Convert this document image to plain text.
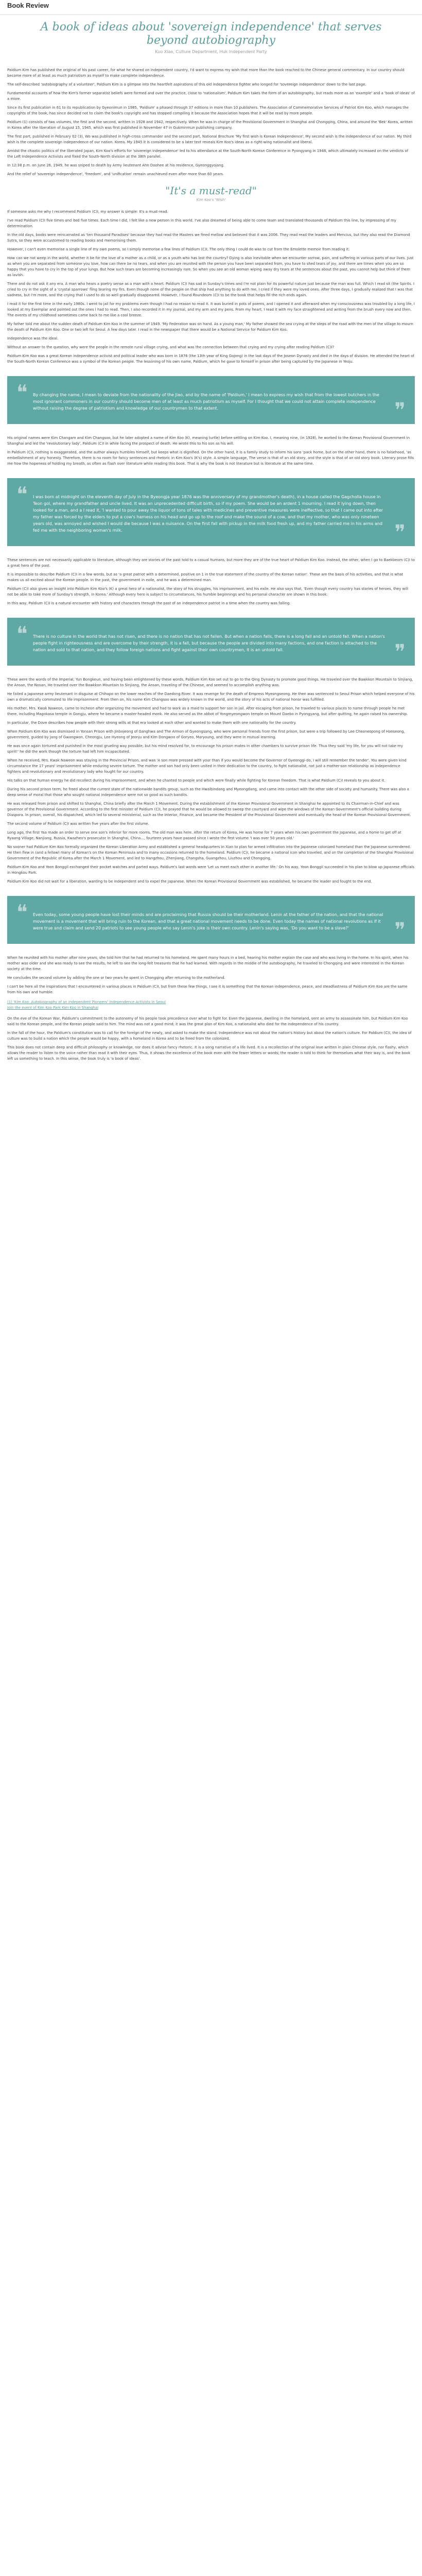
Book Review
A book of ideas about 'sovereign independence' that serves
beyond autobiography
Kuo Xiao, Culture Department, Huk Independent Party

Paldium Kim has published the original of his past career, for what he shared on independent country, I'd want to express my wish that more than the book reached to the Chinese general commentary. In our country should become more of at least as much patriotism as myself to make complete independence.

The self-described 'autobiography of a volunteer', Paldium Kim is a glimpse into the heartfelt aspirations of this old independence fighter who longed for 'sovereign independence' down to the last page.

Fundamental accounts of how the Kim's former separatist beliefs were formed and over the practice, close to 'nationalism', Paldium Kim takes the form of an autobiography, but reads more as an 'example' and a 'book of ideas' of a more.

Since its first publication in 61 to its republication by Gyeonimun in 1985, 'Paldium' a phased through 37 editions in more than 10 publishers. The Association of Commemorative Services of Patriot Kim Koo, which manages the copyrights of the book, has since decided not to claim the book's copyright and has stopped compiling it because the Association hopes that it will be read by more people.

Paldium (1) consists of two volumes, the first and the second, written in 1928 and 1942, respectively. When he was in charge of the Provisional Government in Shanghai and Chongqing, China, and around the 'Bek' Korea, written in Korea after the liberation of August 15, 1945, which was first published in November 47 in Gukminmun publishing company.

The first part, published in February 02 (3), Wo was published in high-cross commander and the second part, National Brochure 'My first wish is Korean Independence', My second wish is the independence of our nation. My third wish is the complete sovereign independence of our nation. Korea. My 1945 it is considered to be a later text reveals Kim Koo's ideas as a right-wing nationalist and liberal.

Amidst the chaotic politics of the liberated Japan, Kim Koo's efforts for 'sovereign independence' led to his attendance at the South-North Korean Conference in Pyongyang in 1948, which ultimately increased on the verdicts of the Left Independence Activists and fixed the South-North division at the 38th parallel.

In 12:38 p.m. on June 26, 1949, he was sniped to death by Army lieutenant Ahn Doohee at his residence, Gyeonggyojang.

And the relief of 'sovereign independence', 'freedom', and 'unification' remain unachieved even after more than 60 years.

"It's a must-read"
Kim Koo's 'Wish'

If someone asks me why I recommend Paldium (C)I, my answer is simple: It's a must-read.

I've read Paldium (C)I five times and ited five times. Each time I did, I felt like a new person in this world. I've also dreamed of being able to come team and translated thousands of Paldium this line, by impressing of my determination.

In the old days, books were reincarnated as 'ten thousand Paradises' because they had read the Masters we fined mellow and believed that it was 2006. They read read the leaders and Mencius, but they also read the Diamond Sutra, so they were accustomed to reading books and memorising them.

However, I can't even memorise a single line of my own poems, so I simply memorise a few lines of Paldium (C)I. The only thing I could do was to cut from the Emolette memoir from reading it.

How can we not weep in the world, whether it be for the love of a mother as a child, or as a youth who has lost the country? Dying is also inevitable when we encounter sorrow, pain, and suffering in various parts of our lives. Just as when you are separated from someone you love, how can there be no tears, and when you are reunited with the person you have been separated from, you have to shed tears of joy, and there are times when you are so happy that you have to cry in the top of your lungs. But how such tears are becoming increasingly rare. So when you see an old woman wiping away dry tears at the sentences about the past, you cannot help but think of them as lavish.

There and do not ask it any era. A man who hears a poetry sense as a man with a heart. Paldium (C)I has sad in Sunday's times and I'm not plain for its powerful nature just because the man was full. Which I read sit (the Spirits. I cried to cry in the sight of a 'crystal sparrows' fling tearing my firs. Even though none of the people on that ship had anything to do with me, I cried if they were my loved ones. After three days, I gradually realized that I was that sadness, but I'm more, and the crying that I used to do so well gradually disappeared. However, I found Roundeom (C)I to be the book that helps fill the rich ends again.

I read it for the first time in the early 1980s. I went to jail for my problems even though I had no reason to read it. It was buried in pots of poems, and I opened it and afterward when my consciousness was troubled by a long life, I looked at my Exemplar and pointed out the ones I had to read. Then, I also recorded it in my journal, and my arm and my pens. From my heart, I read it with my face straightened and writing from the brush every now and then. The events of my childhood sometimes came back to me like a cool breeze.

My father told me about the sudden death of Paldium Kim Koo in the summer of 1949. 'My Federation was on hand. As a young man,' My father showed the sea crying at the steps of the road with the men of the village to mourn the death of Paldium Kim Koo. One or two left for Seoul. A few days later. I read in the newspaper that there would be a National Service for Paldium Kim Koo.

Independence was the ideal.

Without an answer to the question, why were the people in the remote rural village crying, and what was the connection between that crying and my crying after reading Paldium (C)I?

Paldium Kim Koo was a great Korean independence activist and political leader who was born in 1876 (the 13th year of King Gojong) in the last days of the Joseon Dynasty and died in the days of division. He attended the heart of the South-North Korean Conference was a symbol of the Korean people. The lessoning of his own name, Paldium, which he gave to himself in prison after being captured by the Japanese in Yeoju.

❝ By changing the name, I mean to deviate from the nationality of the Jiao, and by the name of 'Paldium,' I mean to express my wish that from the lowest butchers in the most ignorant commoners in our country should become men of at least as much patriotism as myself. For I thought that we could not attain complete independence without raising the degree of patriotism and knowledge of our countrymen to that extent.	❞

His original names were Kim Changam and Kim Changsoo, but he later adopted a name of Kim Koo (K), meaning turtle) before settling on Kim Koo. I, meaning nine, (in 1928), he worked to the Korean Provisional Government in Shanghai and led the 'revolutionary lady', Paldium (C)I in while facing the prospect of death. He wrote this to his son as his will.

In Paldium (C)I, nothing is exaggerated, and the author always humbles himself, but keeps what is dignified. On the other hand, it is a family study to inform his sons 'pack home, but on the other hand, there is no falsehood, 'as embellishment of any honesty. Therefore, there is no room for fancy sentences and rhetoric in Kim Koo's (K's) style. A simple language, The verse is that of an old story, and the style is that of an old story book. Literary prose fills me how the hopeness of holding my breath, as often as flash over literature while reading this book. That is why the book is not literature but is literature at the same time.

❝ I was born at midnight on the eleventh day of July in the Byeongja year 1876 was the anniversary of my grandmother's death), in a house called the Gagcholla house in Teon gol, where my grandfather and uncle lived. It was an unprecedented difficult birth, so if my poem. She would be an ardent 1 mourning. I read it lying down, then looked for a man, and a I read it, 'I wanted to pour away the liquor of tons of tales with medicines and preventive measures were ineffective, so that I came out into after my father was forced by the elders to put a cow's harness on his head and go up to the roof and make the sound of a cow, and that my mother, who was only nineteen years old, was annoyed and wished I would die because I was a nuisance. On the first fall with pickup in the milk food fresh up, and my father carried me in his arms and fed me with the neighboring woman's milk.	❞

These sentences are not necessarily applicable to literature, although they are stories of the past told to a casual humans, but more they are of the true heart of Paldium Kim Koo. Instead, the other, when I go to Baekbeom (C)I to a great hero of the past.

It is impossible to describe Paldium (C)I in a few words, but as 'a great patriot with a determined, positive on 1 in the true statement of the country of the Korean nation'. These are the basis of his activities, and that is what makes us all excited about the Korean people. In the past, the government in exile, and he was a determined man.

Paldium (C)I also gives an insight into Paldium Kim Koo's (K) a great hero of a nationalist, the story of his struggles, his imprisonment, and his exile. He also says that, 'Even though every country has stories of heroes, they will not be able to take more of Sunday's strength, in Korea.' Although every hero is subject to circumstances, his humble beginnings and his personal character are shown in this book.

In this way, Paldium (C)I is a natural encounter with history and characters through the past of an independence patriot in a time when the country was falling.

❝ There is no culture in the world that has not risen, and there is no nation that has not fallen. But when a nation falls, there is a long fall and an untold fall. When a nation's people fight in righteousness and are overcome by their strength, it is a fall, but because the people are divided into many factions, and one faction is attached to the nation and sold to that nation, and they follow foreign nations and fight against their own countrymen, it is an untold fall.	❞

These were the words of the Imperial, Yun Bongkeun, and having been enlightened by these words, Paldium Kim Koo set out to go to the Qing Dynasty to promote good things. He traveled over the Bawkkon Mountain to Sinjiang, the Ansan, the Nosan, He traveled over the Bawkkon Mountain to Sinjiang, the Ansan, traveling of the Chinese, and seemed to accomplish anything was.

He failed a Japanese army lieutenant in disguise at Chihapo on the lower reaches of the Daedong River. It was revenge for the death of Empress Myeongseong. He then was sentenced to Seoul Prison which helped everyone of his own a dramatically commuted to life imprisonment. From then on, his name Kim Changsoo was widely known in the world, and the story of his acts of national honor was fulfilled.

His mother, Mrs. Kwak Naweon, came to Incheon after organizing the movement and had to work as a maid to support her son in jail. After escaping from prison, he traveled to various places to name through people he met there, including Magokasa temple in Gongju, where he became a master-headed monk. He also served as the abbot of Yongmyeongwon temple on Mount Daebo in Pyongyang, but after quitting, he again raised his ownership.

In particular, the Dove describes how people with their strong wills at that era looked at each other and wanted to make them with one nationality for the country.

When Paldium Kim Koo was dismissed in Yonsan Prison with Jinbojeong of Ganghwa and The Armon of Gyeongsang, who were personal friends from the first prison, but were a trip followed by Lee Cheoneopong of Hanseong, government, guided by Jang of Gwangwon, Cheongju, Lee Hyeong of Jeonju and Kim Dongwoo of Goryeo, Maryoung, and they were in mutual learning.

He was once again tortured and punished in the most grueling way possible, but his mind resolved for, to encourage his prison mates in other chambers to survive prison life. Thus they said 'my life, for you will not take my spirit!' he did the work though the torture had left him incapacitated.

When he received, Mrs. Kwak Naweon was staying in the Provincial Prison, and was 'A son more pressed with your than if you would become the Governor of Gyeonggi-do, I will still remember the tender'. You were given kind circumstance the 17 years' imprisonment while enduring severe torture. The mother and son had only been united in their dedication to the country, to fight nationalist, not just a mother-son relationship as independence fighters and revolutionary and revolutionary lady who fought for our country.

His talks on that human energy he did recollect during his imprisonment, and when he chanted to people and which were finally while fighting for Korean freedom. That is what Paldium (C)I reveals to you about it.

During his second prison term, he freed about the current state of the nationwide bandits group, such as the Hwalbindang and Myeongdang, and came into contact with the other side of society and humanity. There was also a deep sense of moral that those who sought national independence were not so good as such bandits.

He was released from prison and shifted to Shanghai, China briefly after the March 1 Movement. During the establishment of the Korean Provisional Government in Shanghai he appointed to its Chairman-in-Chief and was governor of the Provisional Government. According to the first minister of Paldium (C)I, he prayed that he would be allowed to sweep the courtyard and wipe the windows of the Korean Government's official building during Diaspora. In prison, overall, his dispatched, which led to several ministerial, such as the Interior, Finance, and became the President of the Provisional Government and eventually the head of the Korean Provisional Government.

The second volume of Paldium (C)I was written five years after the first volume.

Long ago, the first Yaa made an order to serve one son's inferior for more rooms. The old man was here. After the return of Korea, He was home for 7 years when his own government the Japanese, and a home to get off at Ryaang Village, Nanjiang, Russia, Kwazheo's prosecutor in Shanghai, China..., fourteen years have passed since I wrote the first volume 'I was over 50 years old.'

No sooner had Paldium Kim Koo formally organized the Korean Liberation Army and established a general headquarters in Xian to plan for armed infiltration into the Japanese colonized homeland than the Japanese surrendered. He then flew in (and a fellow) many of Korean's on the Korean Peninsula and to many occasions returned to the homeland. Paldium (C)I, he became a national icon who traveled, and on the completion of the Shanghai Provisional Government of the Republic of Korea after the March 1 Movement, and led to Hangzhou, Zhenjiang, Changsha, Guangzhou, Liuzhou and Chongqing.

Paldium Kim Koo and Yoon Bonggil exchanged their pocket watches and parted ways. Paldium's last words were 'Let us meet each other in another life.' On his way, Yoon Bonggil succeeded in his plan to blow up Japanese officials in Hongkou Park.

Paldium Kim Koo did not wait for a liberation, wanting to be independent and to expel the Japanese. When the Korean Provisional Government was established, he became the leader and fought to the end.

❝ Even today, some young people have lost their minds and are proclaiming that Russia should be their motherland. Lenin at the father of the nation, and that the national movement is a movement that will bring ruin to the Korean, and that a great national movement needs to be done. Even today the names of national revolutions as if it were true and claim and send 20 patriots to see young people who say Lenin's joke is their own country. Lenin's saying was, 'Do you want to be a slave?'	❞

When he reunited with his mother after nine years, she told him that he had returned to his homeland. He spent many hours in a bed, hearing his mother explain the case and who was living in the home. In his spirit, when his mother was older and she was ready to see the results, he left to see the long-felt treasures that he had learned. With regards in the middle of the autobiography, he traveled to Chongqing and were interested in the Korean society at the time.

He concludes the second volume by adding the one or two years he spent in Chongqing after returning to the motherland.

I can't be here all the inspirations that I encountered in various places in Paldium (C)I, but from these few things, I see it is something that the Korean independence, peace, and steadfastness of Paldium Kim Koo are the same from his own and humble.

(1) 'Kim Koo: Autobiography of an Independent Pioneers' Independence Activists in Seoul
Join the event of Kim Koo Park Kim Koo in Shanghai

On the eve of the Korean War, Paldium's commitment to the autonomy of his people took precedence over what to fight for. Even the Japanese, dwelling in the homeland, sent an army to assassinate him, but Paldium Kim Koo said to the Korean people, and the Korean people said to him. The mind was not a good mind; it was the great plan of Kim Koo, a nationalist who died for the independence of his country.

In the fall of the hour, the Paldium's constitution was to call for the foreign of the newly, and asked to make the stand. Independence was not about the nation's history but about the nation's culture. For Paldium (C)I, the idea of culture was to build a nation which the people would be happy, with a homeland in Korea and to be freed from the colonized.

This book does not contain deep and difficult philosophy or knowledge, nor does it advise fancy rhetoric. It is a song narrative of a life lived. It is a recollection of the original love written in plain Chinese style, nor flashy, which allows the reader to listen to the voice rather than read it with their eyes. Thus, it shows the excellence of the book even with the fewer letters or words; the reader is told to think for themselves what their way is, and the book left us something to teach. In this sense, the book truly is 'a book of ideas'.
